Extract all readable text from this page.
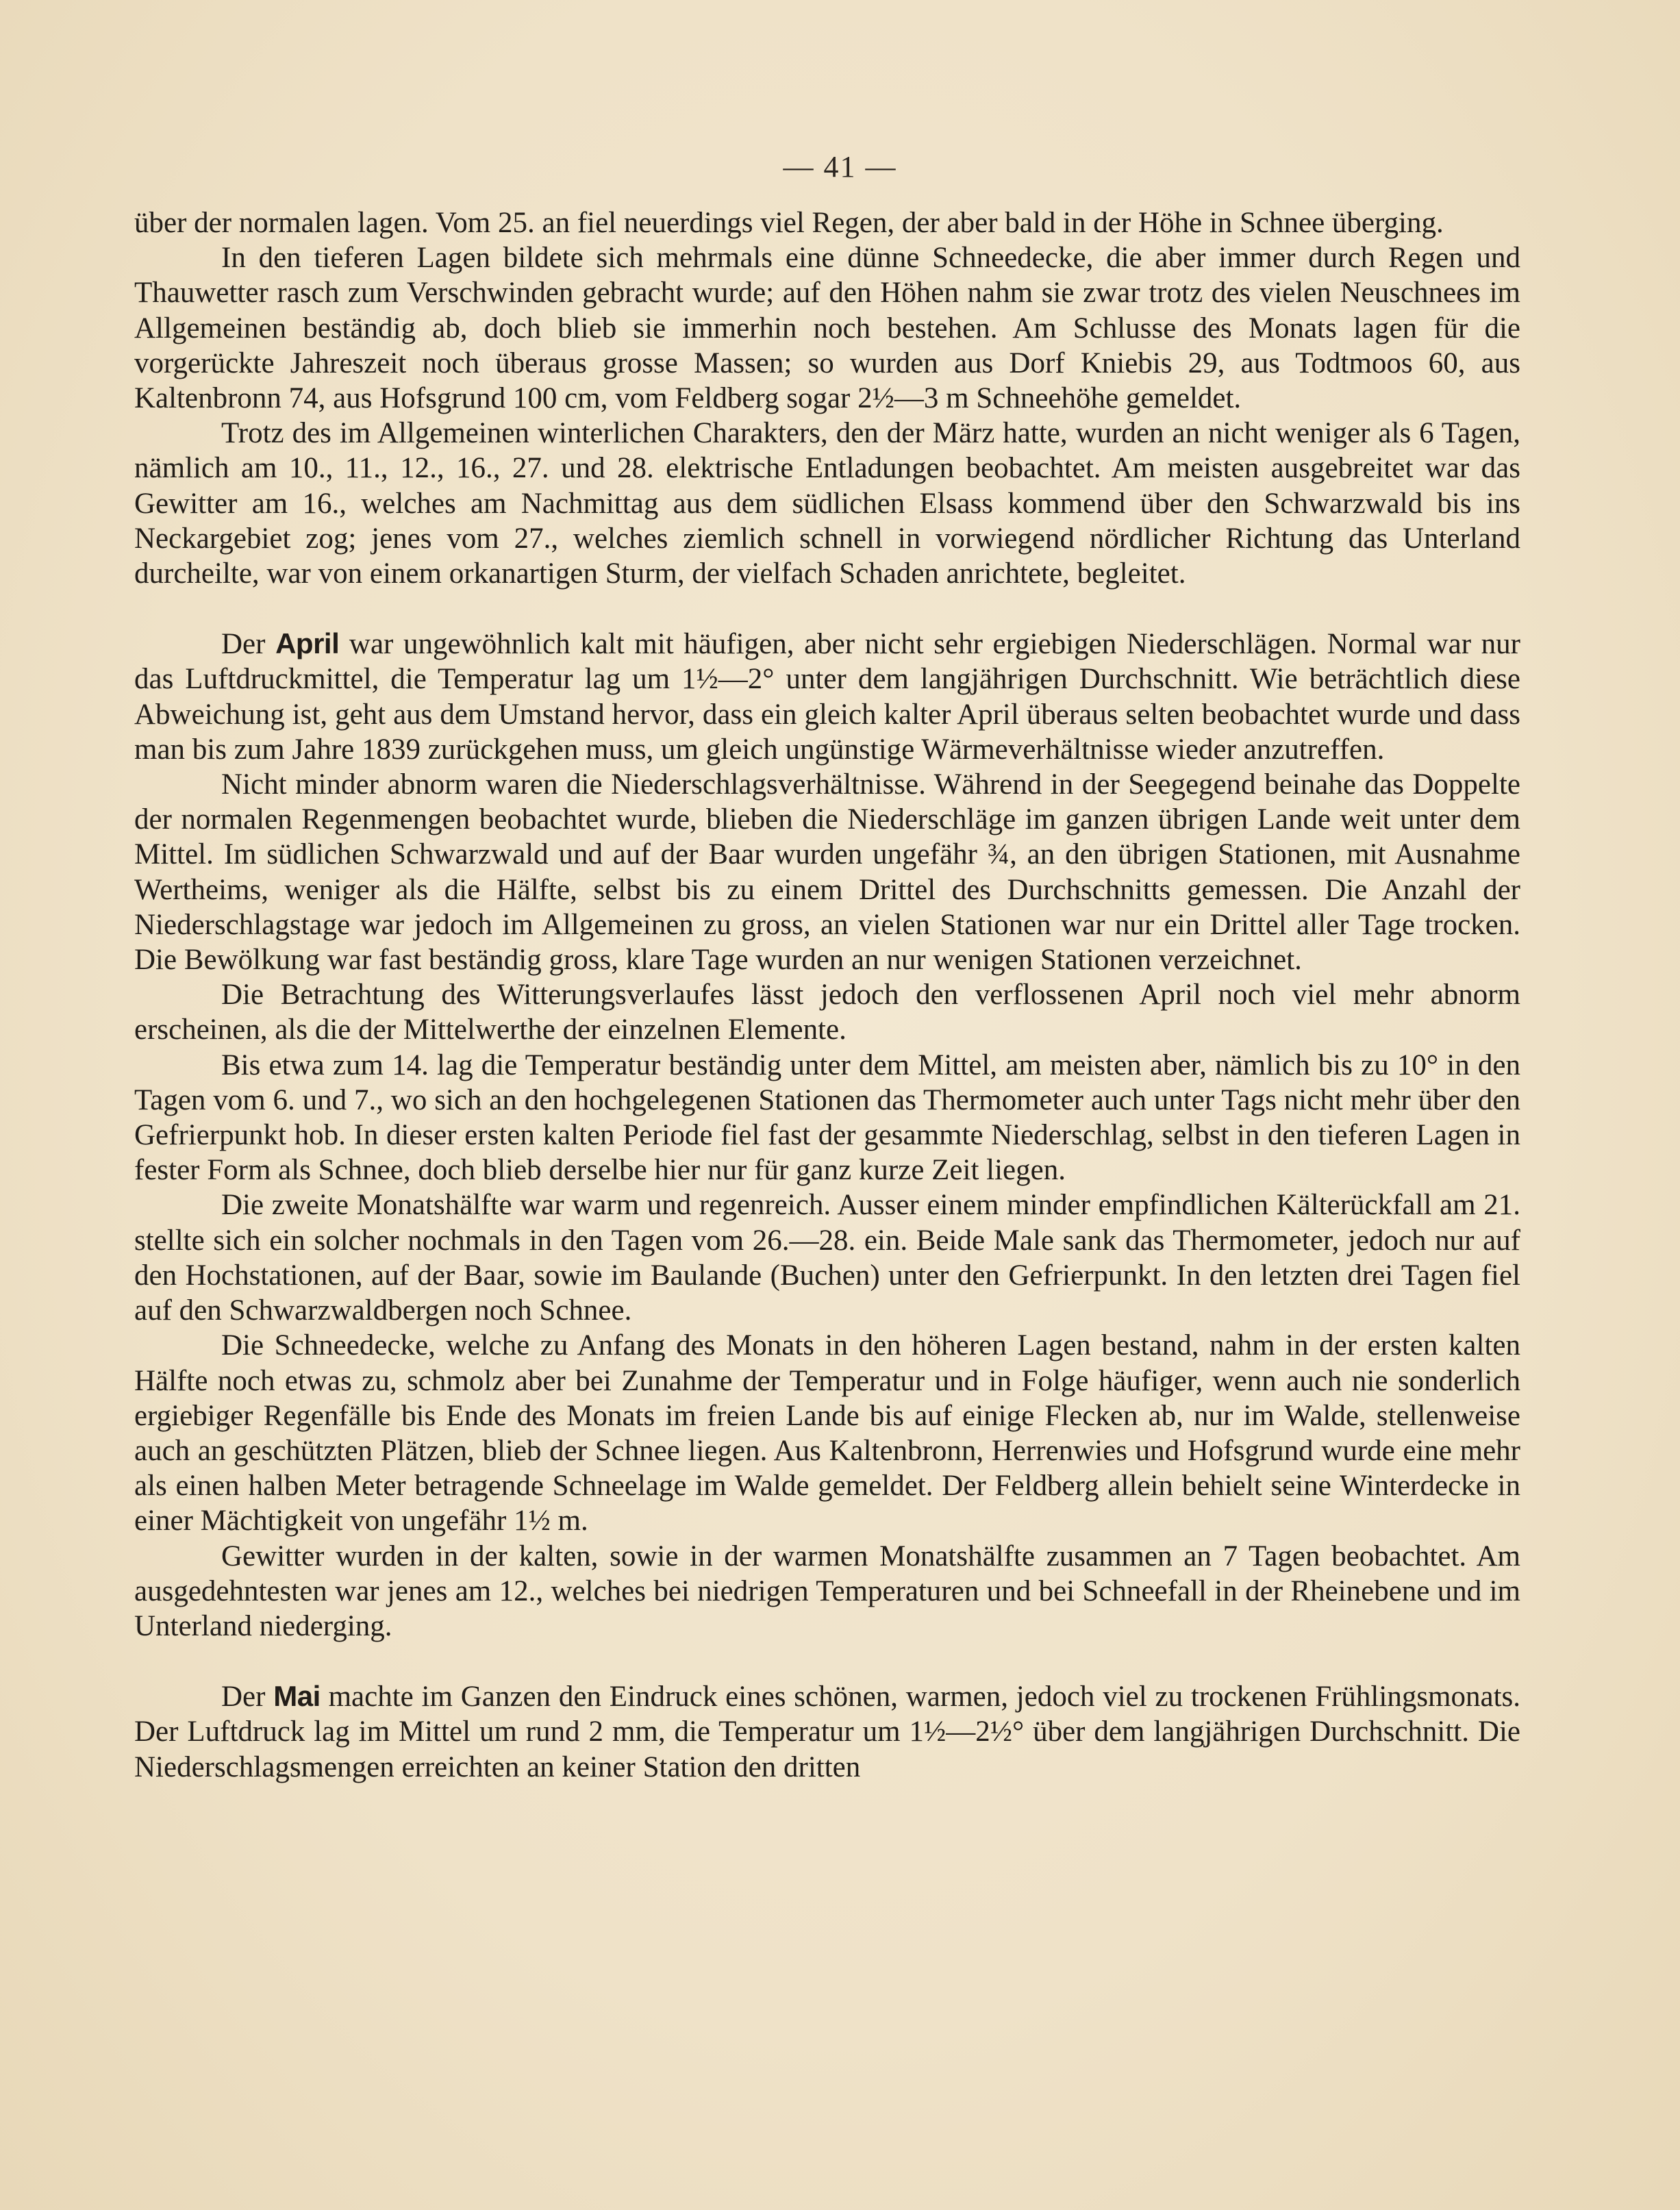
— 41 —

über der normalen lagen. Vom 25. an fiel neuerdings viel Regen, der aber bald in der Höhe in Schnee überging.

In den tieferen Lagen bildete sich mehrmals eine dünne Schneedecke, die aber immer durch Regen und Thauwetter rasch zum Verschwinden gebracht wurde; auf den Höhen nahm sie zwar trotz des vielen Neuschnees im Allgemeinen beständig ab, doch blieb sie immerhin noch bestehen. Am Schlusse des Monats lagen für die vorgerückte Jahreszeit noch überaus grosse Massen; so wurden aus Dorf Kniebis 29, aus Todtmoos 60, aus Kaltenbronn 74, aus Hofsgrund 100 cm, vom Feldberg sogar 2½—3 m Schneehöhe gemeldet.

Trotz des im Allgemeinen winterlichen Charakters, den der März hatte, wurden an nicht weniger als 6 Tagen, nämlich am 10., 11., 12., 16., 27. und 28. elektrische Entladungen beobachtet. Am meisten ausgebreitet war das Gewitter am 16., welches am Nachmittag aus dem südlichen Elsass kommend über den Schwarzwald bis ins Neckargebiet zog; jenes vom 27., welches ziemlich schnell in vorwiegend nördlicher Richtung das Unterland durcheilte, war von einem orkanartigen Sturm, der vielfach Schaden anrichtete, begleitet.

Der April war ungewöhnlich kalt mit häufigen, aber nicht sehr ergiebigen Niederschlägen. Normal war nur das Luftdruckmittel, die Temperatur lag um 1½—2° unter dem langjährigen Durchschnitt. Wie beträchtlich diese Abweichung ist, geht aus dem Umstand hervor, dass ein gleich kalter April überaus selten beobachtet wurde und dass man bis zum Jahre 1839 zurückgehen muss, um gleich ungünstige Wärmeverhältnisse wieder anzutreffen.

Nicht minder abnorm waren die Niederschlagsverhältnisse. Während in der Seegegend beinahe das Doppelte der normalen Regenmengen beobachtet wurde, blieben die Niederschläge im ganzen übrigen Lande weit unter dem Mittel. Im südlichen Schwarzwald und auf der Baar wurden ungefähr ¾, an den übrigen Stationen, mit Ausnahme Wertheims, weniger als die Hälfte, selbst bis zu einem Drittel des Durchschnitts gemessen. Die Anzahl der Niederschlagstage war jedoch im Allgemeinen zu gross, an vielen Stationen war nur ein Drittel aller Tage trocken. Die Bewölkung war fast beständig gross, klare Tage wurden an nur wenigen Stationen verzeichnet.

Die Betrachtung des Witterungsverlaufes lässt jedoch den verflossenen April noch viel mehr abnorm erscheinen, als die der Mittelwerthe der einzelnen Elemente.

Bis etwa zum 14. lag die Temperatur beständig unter dem Mittel, am meisten aber, nämlich bis zu 10° in den Tagen vom 6. und 7., wo sich an den hochgelegenen Stationen das Thermometer auch unter Tags nicht mehr über den Gefrierpunkt hob. In dieser ersten kalten Periode fiel fast der gesammte Niederschlag, selbst in den tieferen Lagen in fester Form als Schnee, doch blieb derselbe hier nur für ganz kurze Zeit liegen.

Die zweite Monatshälfte war warm und regenreich. Ausser einem minder empfindlichen Kälterückfall am 21. stellte sich ein solcher nochmals in den Tagen vom 26.—28. ein. Beide Male sank das Thermometer, jedoch nur auf den Hochstationen, auf der Baar, sowie im Baulande (Buchen) unter den Gefrierpunkt. In den letzten drei Tagen fiel auf den Schwarzwaldbergen noch Schnee.

Die Schneedecke, welche zu Anfang des Monats in den höheren Lagen bestand, nahm in der ersten kalten Hälfte noch etwas zu, schmolz aber bei Zunahme der Temperatur und in Folge häufiger, wenn auch nie sonderlich ergiebiger Regenfälle bis Ende des Monats im freien Lande bis auf einige Flecken ab, nur im Walde, stellenweise auch an geschützten Plätzen, blieb der Schnee liegen. Aus Kaltenbronn, Herrenwies und Hofsgrund wurde eine mehr als einen halben Meter betragende Schneelage im Walde gemeldet. Der Feldberg allein behielt seine Winterdecke in einer Mächtigkeit von ungefähr 1½ m.

Gewitter wurden in der kalten, sowie in der warmen Monatshälfte zusammen an 7 Tagen beobachtet. Am ausgedehntesten war jenes am 12., welches bei niedrigen Temperaturen und bei Schneefall in der Rheinebene und im Unterland niederging.

Der Mai machte im Ganzen den Eindruck eines schönen, warmen, jedoch viel zu trockenen Frühlingsmonats. Der Luftdruck lag im Mittel um rund 2 mm, die Temperatur um 1½—2½° über dem langjährigen Durchschnitt. Die Niederschlagsmengen erreichten an keiner Station den dritten
